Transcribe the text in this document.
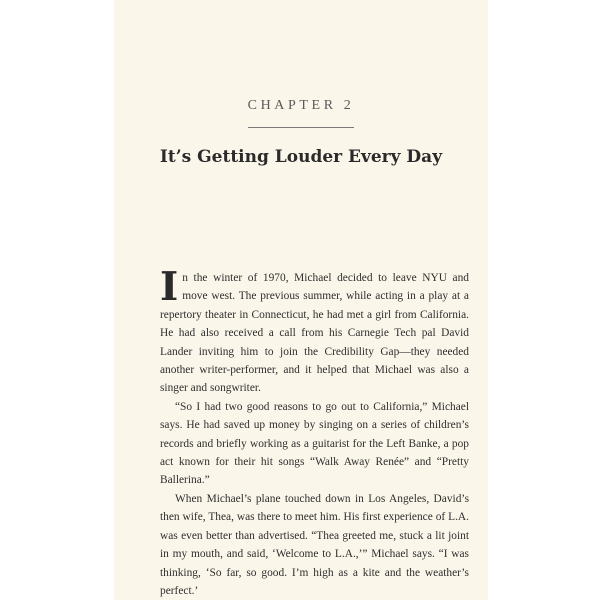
CHAPTER 2
It’s Getting Louder Every Day

In the winter of 1970, Michael decided to leave NYU and move west. The previous summer, while acting in a play at a repertory theater in Connecticut, he had met a girl from California. He had also received a call from his Carnegie Tech pal David Lander inviting him to join the Credibility Gap—they needed another writer-performer, and it helped that Michael was also a singer and songwriter.

“So I had two good reasons to go out to California,” Michael says. He had saved up money by singing on a series of children’s records and briefly working as a guitarist for the Left Banke, a pop act known for their hit songs “Walk Away Renée” and “Pretty Ballerina.”

When Michael’s plane touched down in Los Angeles, David’s then wife, Thea, was there to meet him. His first experience of L.A. was even better than advertised. “Thea greeted me, stuck a lit joint in my mouth, and said, ‘Welcome to L.A.,’” Michael says. “I was thinking, ‘So far, so good. I’m high as a kite and the weather’s perfect.’
